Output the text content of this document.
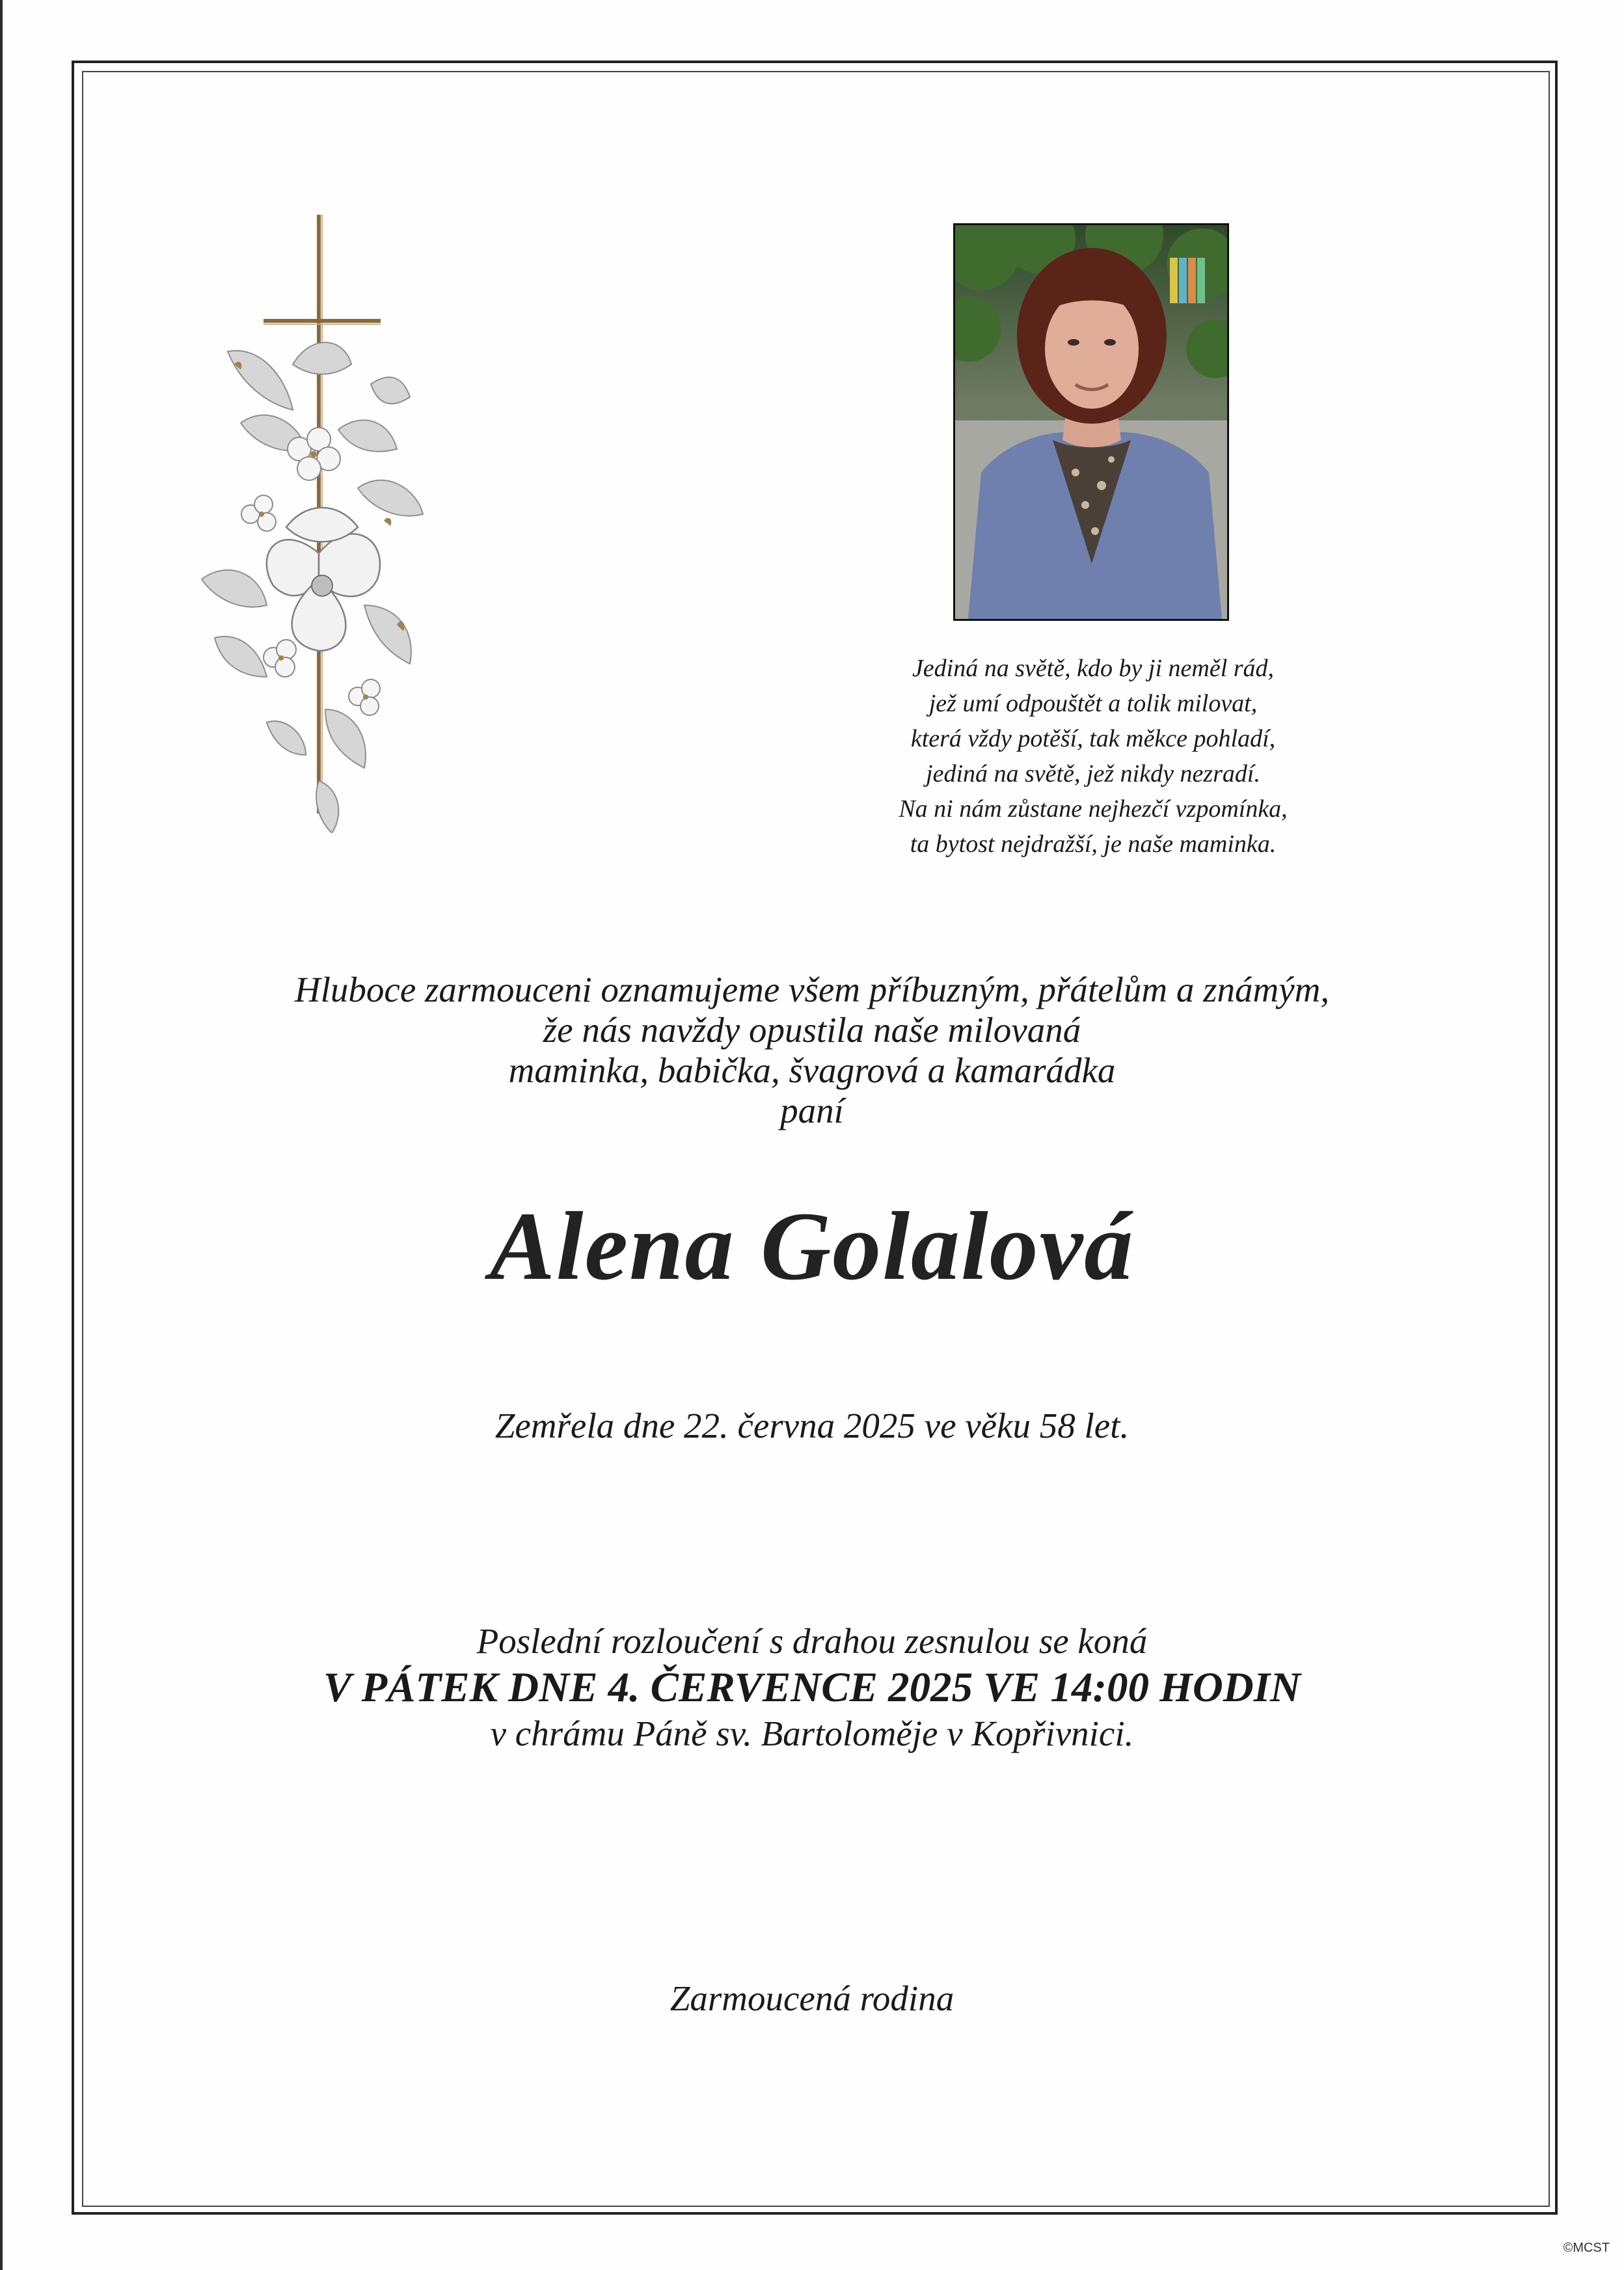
Jediná na světě, kdo by ji neměl rád,
jež umí odpouštět a tolik milovat,
která vždy potěší, tak měkce pohladí,
jediná na světě, jež nikdy nezradí.
Na ni nám zůstane nejhezčí vzpomínka,
ta bytost nejdražší, je naše maminka.
Hluboce zarmouceni oznamujeme všem příbuzným, přátelům a známým,
že nás navždy opustila naše milovaná
maminka, babička, švagrová a kamarádka
paní
Alena Golalová
Zemřela dne 22. června 2025 ve věku 58 let.
Poslední rozloučení s drahou zesnulou se koná
V PÁTEK DNE 4. ČERVENCE 2025 VE 14:00 HODIN
v chrámu Páně sv. Bartoloměje v Kopřivnici.
Zarmoucená rodina
©MCST
